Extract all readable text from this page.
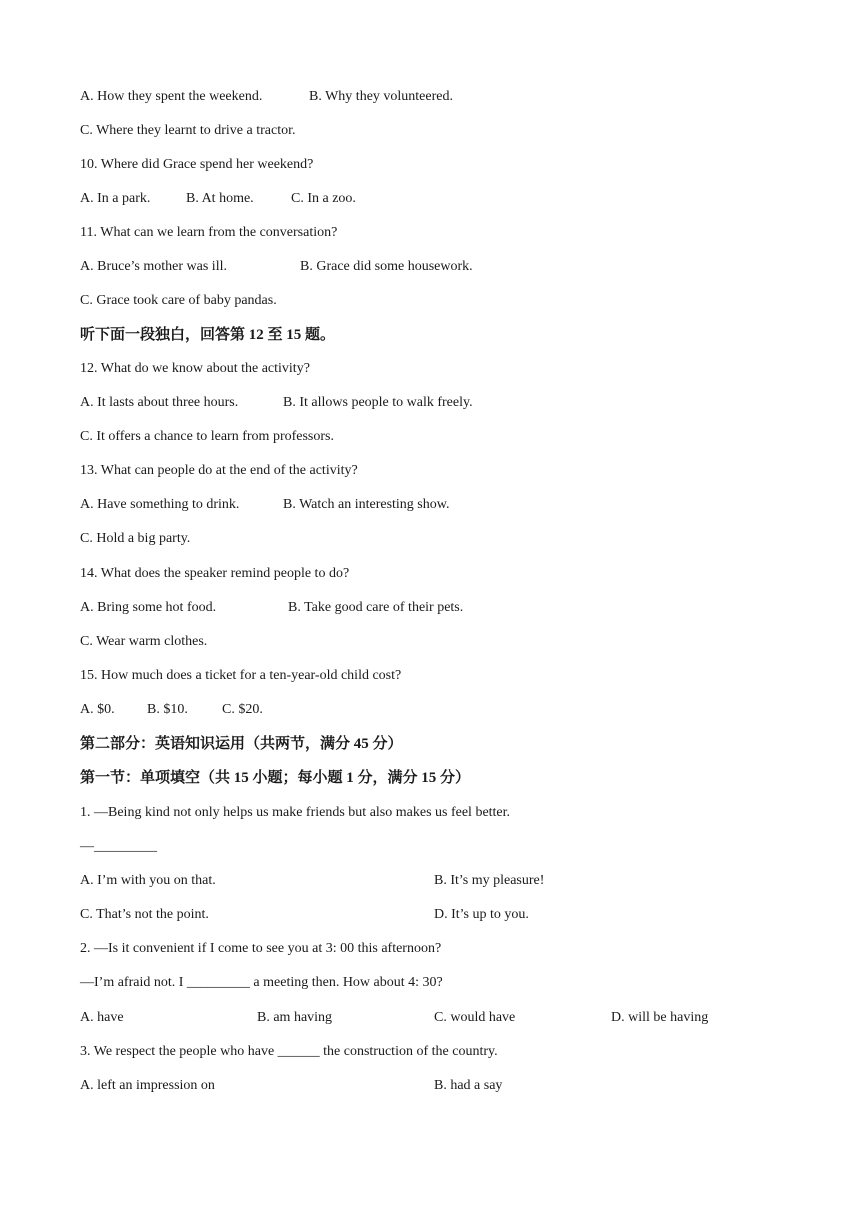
A. How they spent the weekend.	B. Why they volunteered.
C. Where they learnt to drive a tractor.
10. Where did Grace spend her weekend?
A. In a park.	B. At home.	C. In a zoo.
11. What can we learn from the conversation?
A. Bruce’s mother was ill.	B. Grace did some housework.
C. Grace took care of baby pandas.
听下面一段独白，回答第 12 至 15 题。
12. What do we know about the activity?
A. It lasts about three hours.	B. It allows people to walk freely.
C. It offers a chance to learn from professors.
13. What can people do at the end of the activity?
A. Have something to drink.	B. Watch an interesting show.
C. Hold a big party.
14. What does the speaker remind people to do?
A. Bring some hot food.	B. Take good care of their pets.
C. Wear warm clothes.
15. How much does a ticket for a ten-year-old child cost?
A. $0. B. $10. C. $20.
第二部分：英语知识运用（共两节，满分 45 分）
第一节：单项填空（共 15 小题；每小题 1 分，满分 15 分）
1. —Being kind not only helps us make friends but also makes us feel better.
—_________
A. I’m with you on that.	B. It’s my pleasure!
C. That’s not the point.	D. It’s up to you.
2. —Is it convenient if I come to see you at 3: 00 this afternoon?
—I’m afraid not. I _________ a meeting then. How about 4: 30?
A. have	B. am having	C. would have	D. will be having
3. We respect the people who have ______ the construction of the country.
A. left an impression on	B. had a say
